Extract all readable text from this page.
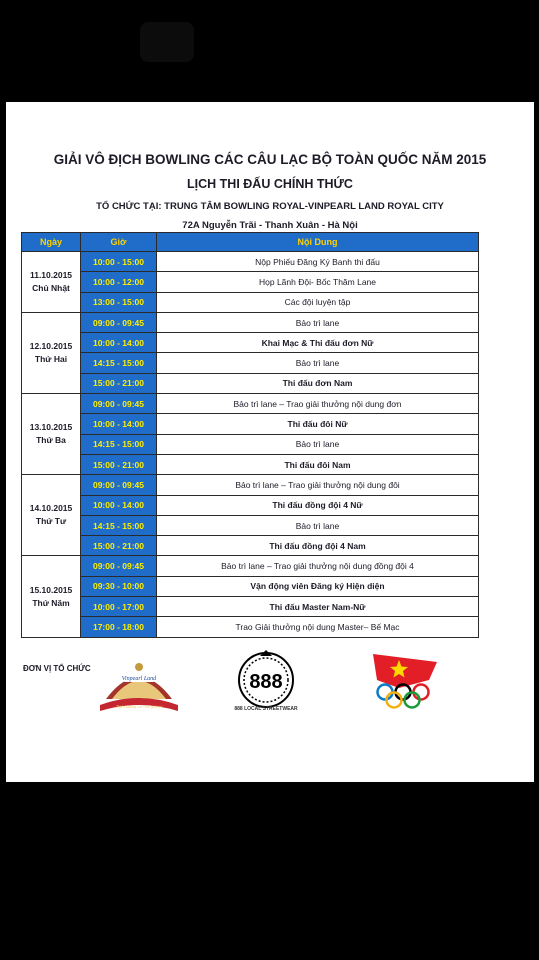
GIẢI VÔ ĐỊCH BOWLING CÁC CÂU LẠC BỘ TOÀN QUỐC NĂM 2015
LỊCH THI ĐẤU CHÍNH THỨC
TỔ CHỨC TẠI: TRUNG TÂM BOWLING ROYAL-VINPEARL LAND ROYAL CITY
72A Nguyễn Trãi - Thanh Xuân - Hà Nội
Ngày	Giờ	Nội Dung

11.10.2015
Chủ Nhật	10:00 - 15:00	Nộp Phiếu Đăng Ký Banh thi đấu
	10:00 - 12:00	Họp Lãnh Đội- Bốc Thăm Lane
	13:00 - 15:00	Các đội luyện tập

12.10.2015
Thứ Hai	09:00 - 09:45	Bảo trì lane
	10:00 - 14:00	Khai Mạc & Thi đấu đơn Nữ
	14:15 - 15:00	Bảo trì lane
	15:00 - 21:00	Thi đấu đơn Nam

13.10.2015
Thứ Ba	09:00 - 09:45	Bảo trì lane – Trao giải thưởng nội dung đơn
	10:00 - 14:00	Thi đấu đôi Nữ
	14:15 - 15:00	Bảo trì lane
	15:00 - 21:00	Thi đấu đôi Nam

14.10.2015
Thứ Tư	09:00 - 09:45	Bảo trì lane – Trao giải thưởng nội dung đôi
	10:00 - 14:00	Thi đấu đồng đội 4 Nữ
	14:15 - 15:00	Bảo trì lane
	15:00 - 21:00	Thi đấu đồng đội 4 Nam

15.10.2015
Thứ Năm	09:00 - 09:45	Bảo trì lane – Trao giải thưởng nội dung đồng đội 4
	09:30 - 10:00	Vận động viên Đăng ký Hiện diện
	10:00 - 17:00	Thi đấu Master Nam-Nữ
	17:00 - 18:00	Trao Giải thưởng nội dung Master– Bế Mạc
ĐƠN VỊ TỔ CHỨC
Vinpearl Land
Thiên đường vui chơi giải trí
888
888 LOCAL STREETWEAR
